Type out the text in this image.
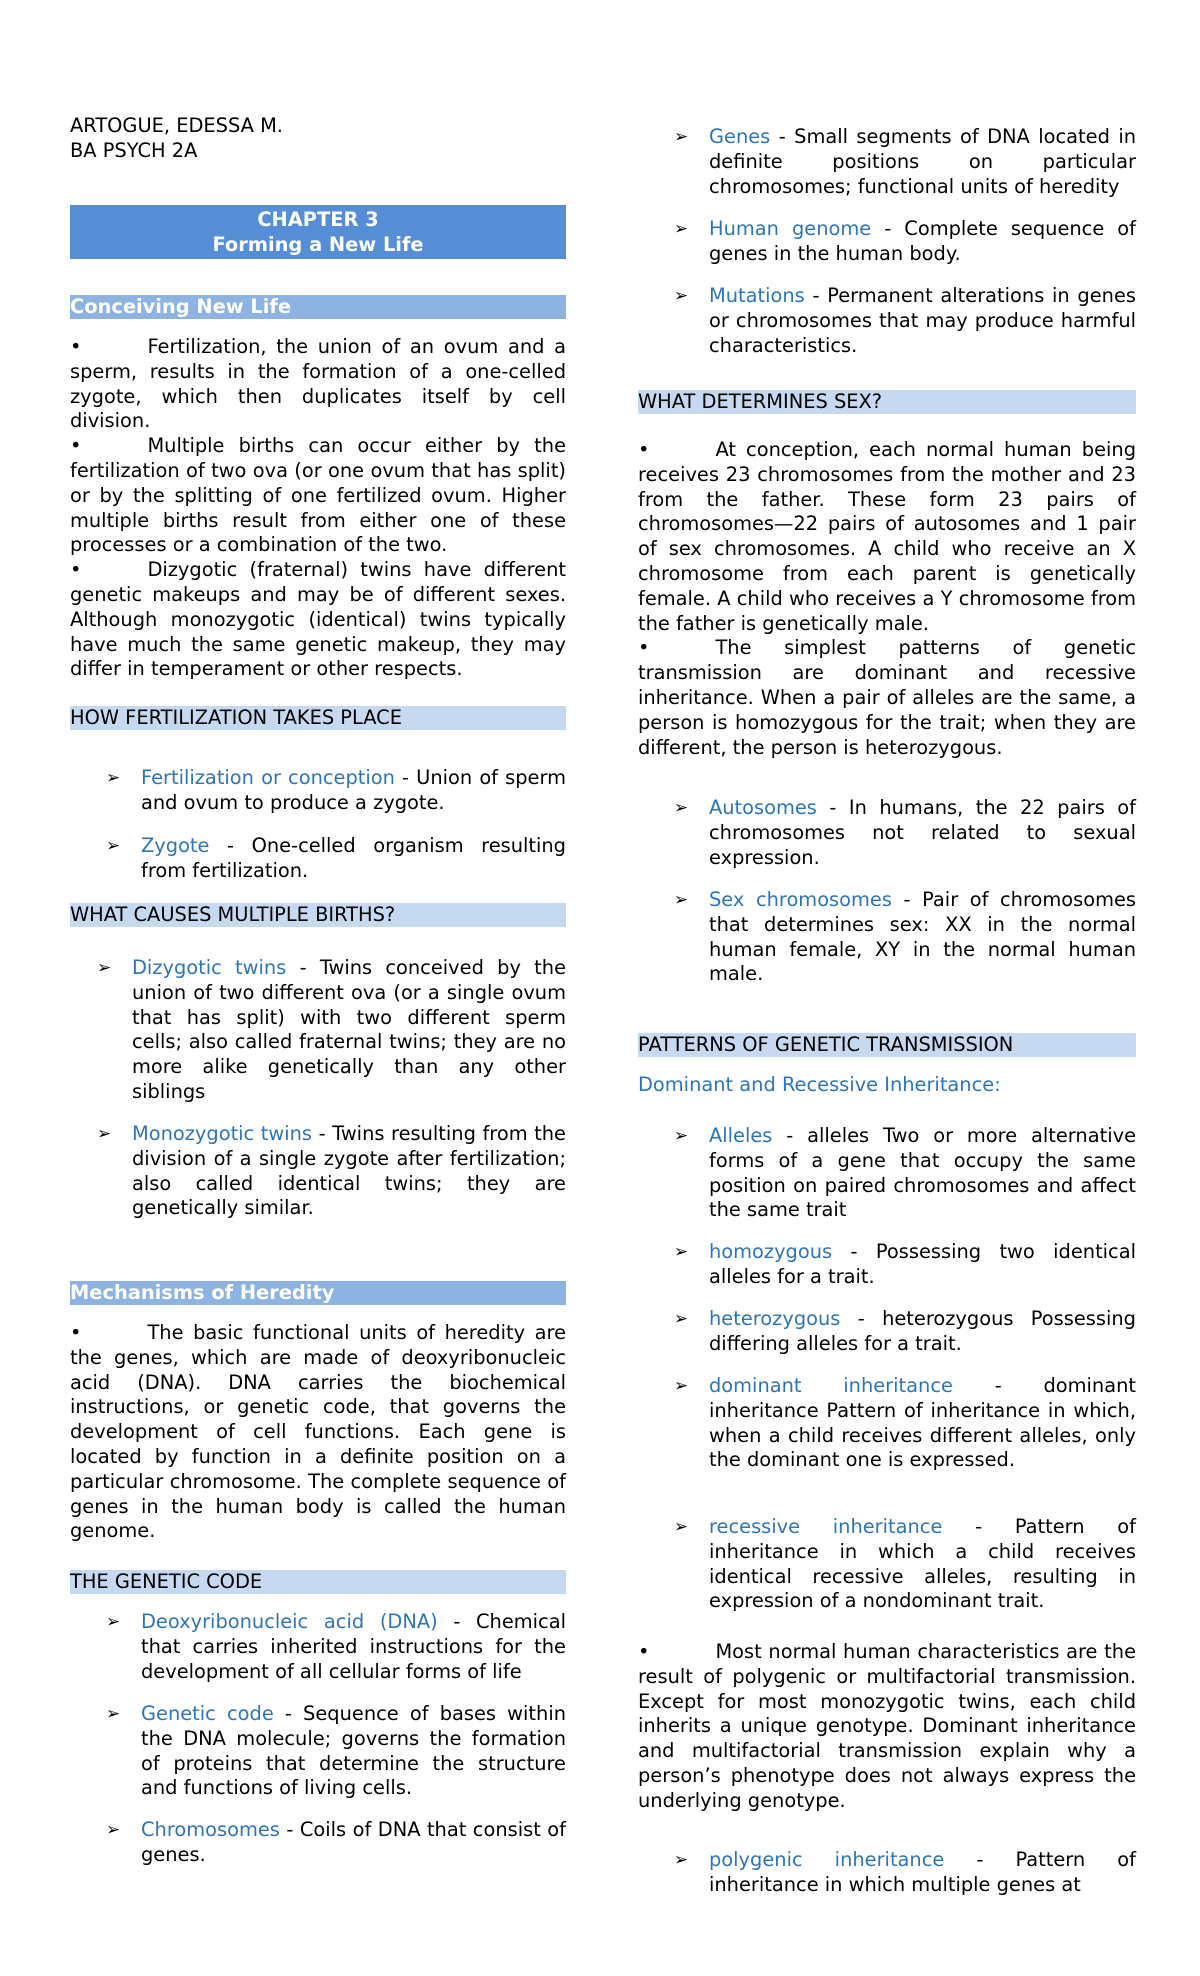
ARTOGUE, EDESSA M.
BA PSYCH 2A
CHAPTER 3
Forming a New Life
Conceiving New Life
•	Fertilization, the union of an ovum and a sperm, results in the formation of a one-celled zygote, which then duplicates itself by cell division.
•	Multiple births can occur either by the fertilization of two ova (or one ovum that has split) or by the splitting of one fertilized ovum. Higher multiple births result from either one of these processes or a combination of the two.
•	Dizygotic (fraternal) twins have different genetic makeups and may be of different sexes. Although monozygotic (identical) twins typically have much the same genetic makeup, they may differ in temperament or other respects.
HOW FERTILIZATION TAKES PLACE
➢ Fertilization or conception - Union of sperm and ovum to produce a zygote.
➢ Zygote - One-celled organism resulting from fertilization.
WHAT CAUSES MULTIPLE BIRTHS?
➢ Dizygotic twins - Twins conceived by the union of two different ova (or a single ovum that has split) with two different sperm cells; also called fraternal twins; they are no more alike genetically than any other siblings
➢ Monozygotic twins - Twins resulting from the division of a single zygote after fertilization; also called identical twins; they are genetically similar.
Mechanisms of Heredity
•	The basic functional units of heredity are the genes, which are made of deoxyribonucleic acid (DNA). DNA carries the biochemical instructions, or genetic code, that governs the development of cell functions. Each gene is located by function in a definite position on a particular chromosome. The complete sequence of genes in the human body is called the human genome.
THE GENETIC CODE
➢ Deoxyribonucleic acid (DNA) - Chemical that carries inherited instructions for the development of all cellular forms of life
➢ Genetic code - Sequence of bases within the DNA molecule; governs the formation of proteins that determine the structure and functions of living cells.
➢ Chromosomes - Coils of DNA that consist of genes.
➢ Genes - Small segments of DNA located in definite positions on particular chromosomes; functional units of heredity
➢ Human genome - Complete sequence of genes in the human body.
➢ Mutations - Permanent alterations in genes or chromosomes that may produce harmful characteristics.
WHAT DETERMINES SEX?
•	At conception, each normal human being receives 23 chromosomes from the mother and 23 from the father. These form 23 pairs of chromosomes—22 pairs of autosomes and 1 pair of sex chromosomes. A child who receive an X chromosome from each parent is genetically female. A child who receives a Y chromosome from the father is genetically male.
•	The simplest patterns of genetic transmission are dominant and recessive inheritance. When a pair of alleles are the same, a person is homozygous for the trait; when they are different, the person is heterozygous.
➢ Autosomes - In humans, the 22 pairs of chromosomes not related to sexual expression.
➢ Sex chromosomes - Pair of chromosomes that determines sex: XX in the normal human female, XY in the normal human male.
PATTERNS OF GENETIC TRANSMISSION
Dominant and Recessive Inheritance:
➢ Alleles - alleles Two or more alternative forms of a gene that occupy the same position on paired chromosomes and affect the same trait
➢ homozygous - Possessing two identical alleles for a trait.
➢ heterozygous - heterozygous Possessing differing alleles for a trait.
➢ dominant inheritance - dominant inheritance Pattern of inheritance in which, when a child receives different alleles, only the dominant one is expressed.
➢ recessive inheritance - Pattern of inheritance in which a child receives identical recessive alleles, resulting in expression of a nondominant trait.
•	Most normal human characteristics are the result of polygenic or multifactorial transmission. Except for most monozygotic twins, each child inherits a unique genotype. Dominant inheritance and multifactorial transmission explain why a person’s phenotype does not always express the underlying genotype.
➢ polygenic inheritance - Pattern of inheritance in which multiple genes at
